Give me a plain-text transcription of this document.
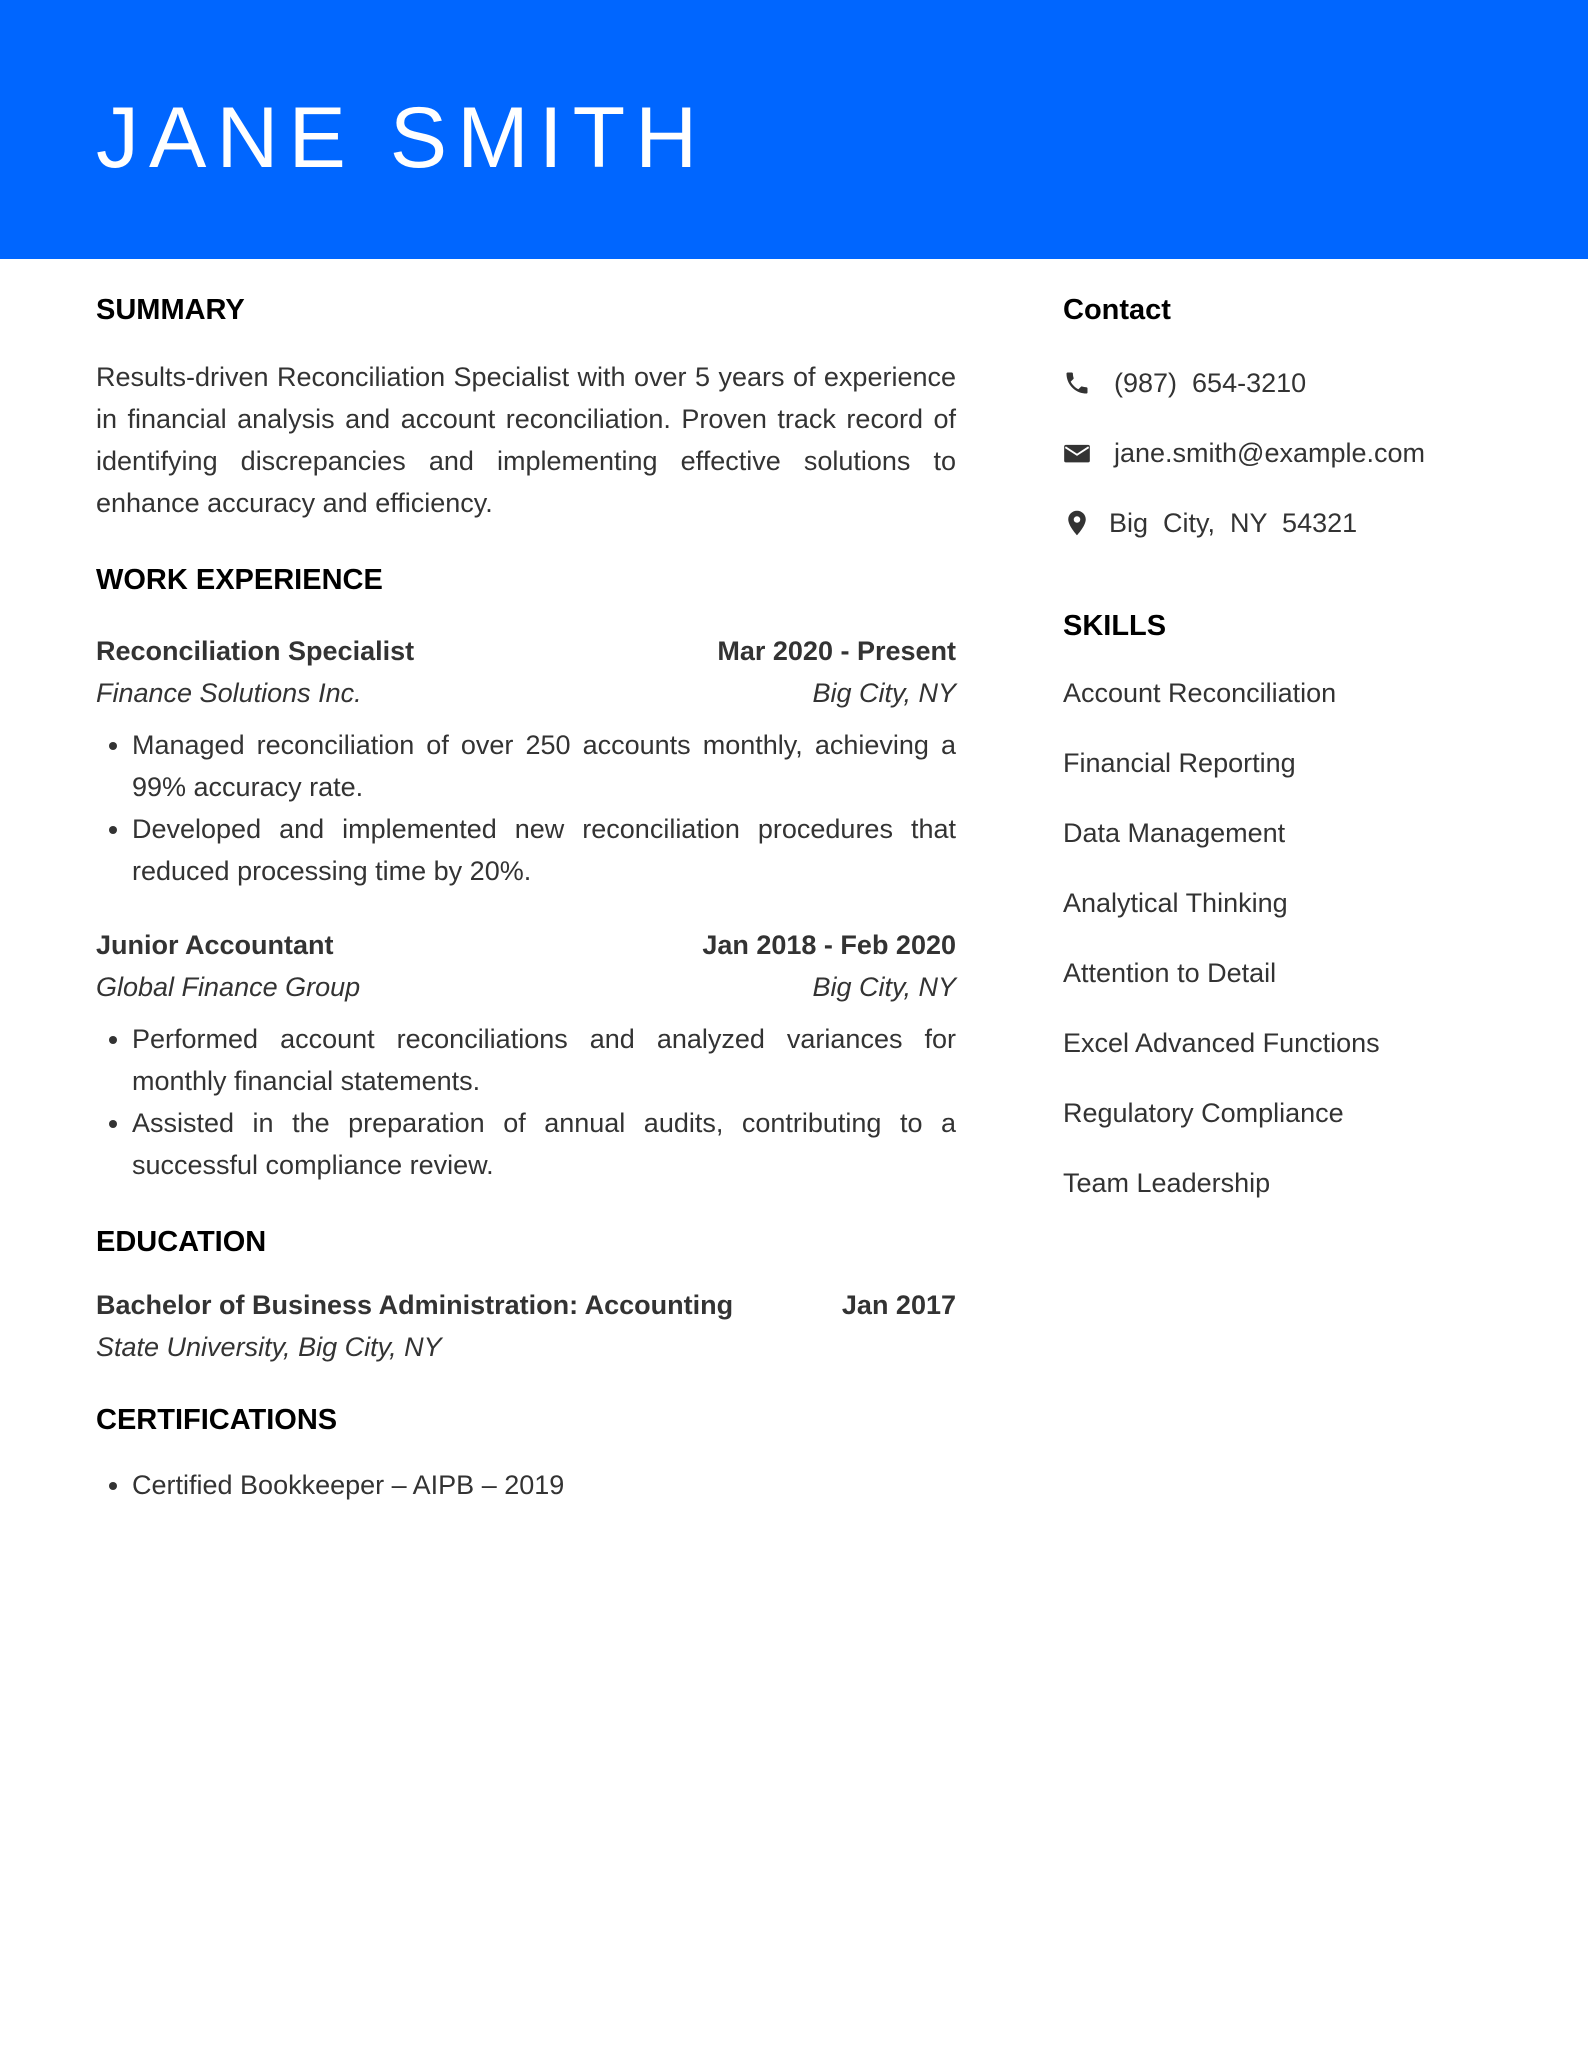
JANE SMITH
SUMMARY

Results-driven Reconciliation Specialist with over 5 years of experience in financial analysis and account reconciliation. Proven track record of identifying discrepancies and implementing effective solutions to enhance accuracy and efficiency.

WORK EXPERIENCE
Reconciliation Specialist	Mar 2020 - Present
Finance Solutions Inc.	Big City, NY
• Managed reconciliation of over 250 accounts monthly, achieving a 99% accuracy rate.
• Developed and implemented new reconciliation procedures that reduced processing time by 20%.
Junior Accountant	Jan 2018 - Feb 2020
Global Finance Group	Big City, NY
• Performed account reconciliations and analyzed variances for monthly financial statements.
• Assisted in the preparation of annual audits, contributing to a successful compliance review.
EDUCATION
Bachelor of Business Administration: Accounting	Jan 2017
State University, Big City, NY
CERTIFICATIONS
• Certified Bookkeeper – AIPB – 2019
Contact
(987)  654-3210
jane.smith@example.com
Big  City,  NY  54321
SKILLS

Account Reconciliation

Financial Reporting

Data Management

Analytical Thinking

Attention to Detail

Excel Advanced Functions

Regulatory Compliance

Team Leadership
